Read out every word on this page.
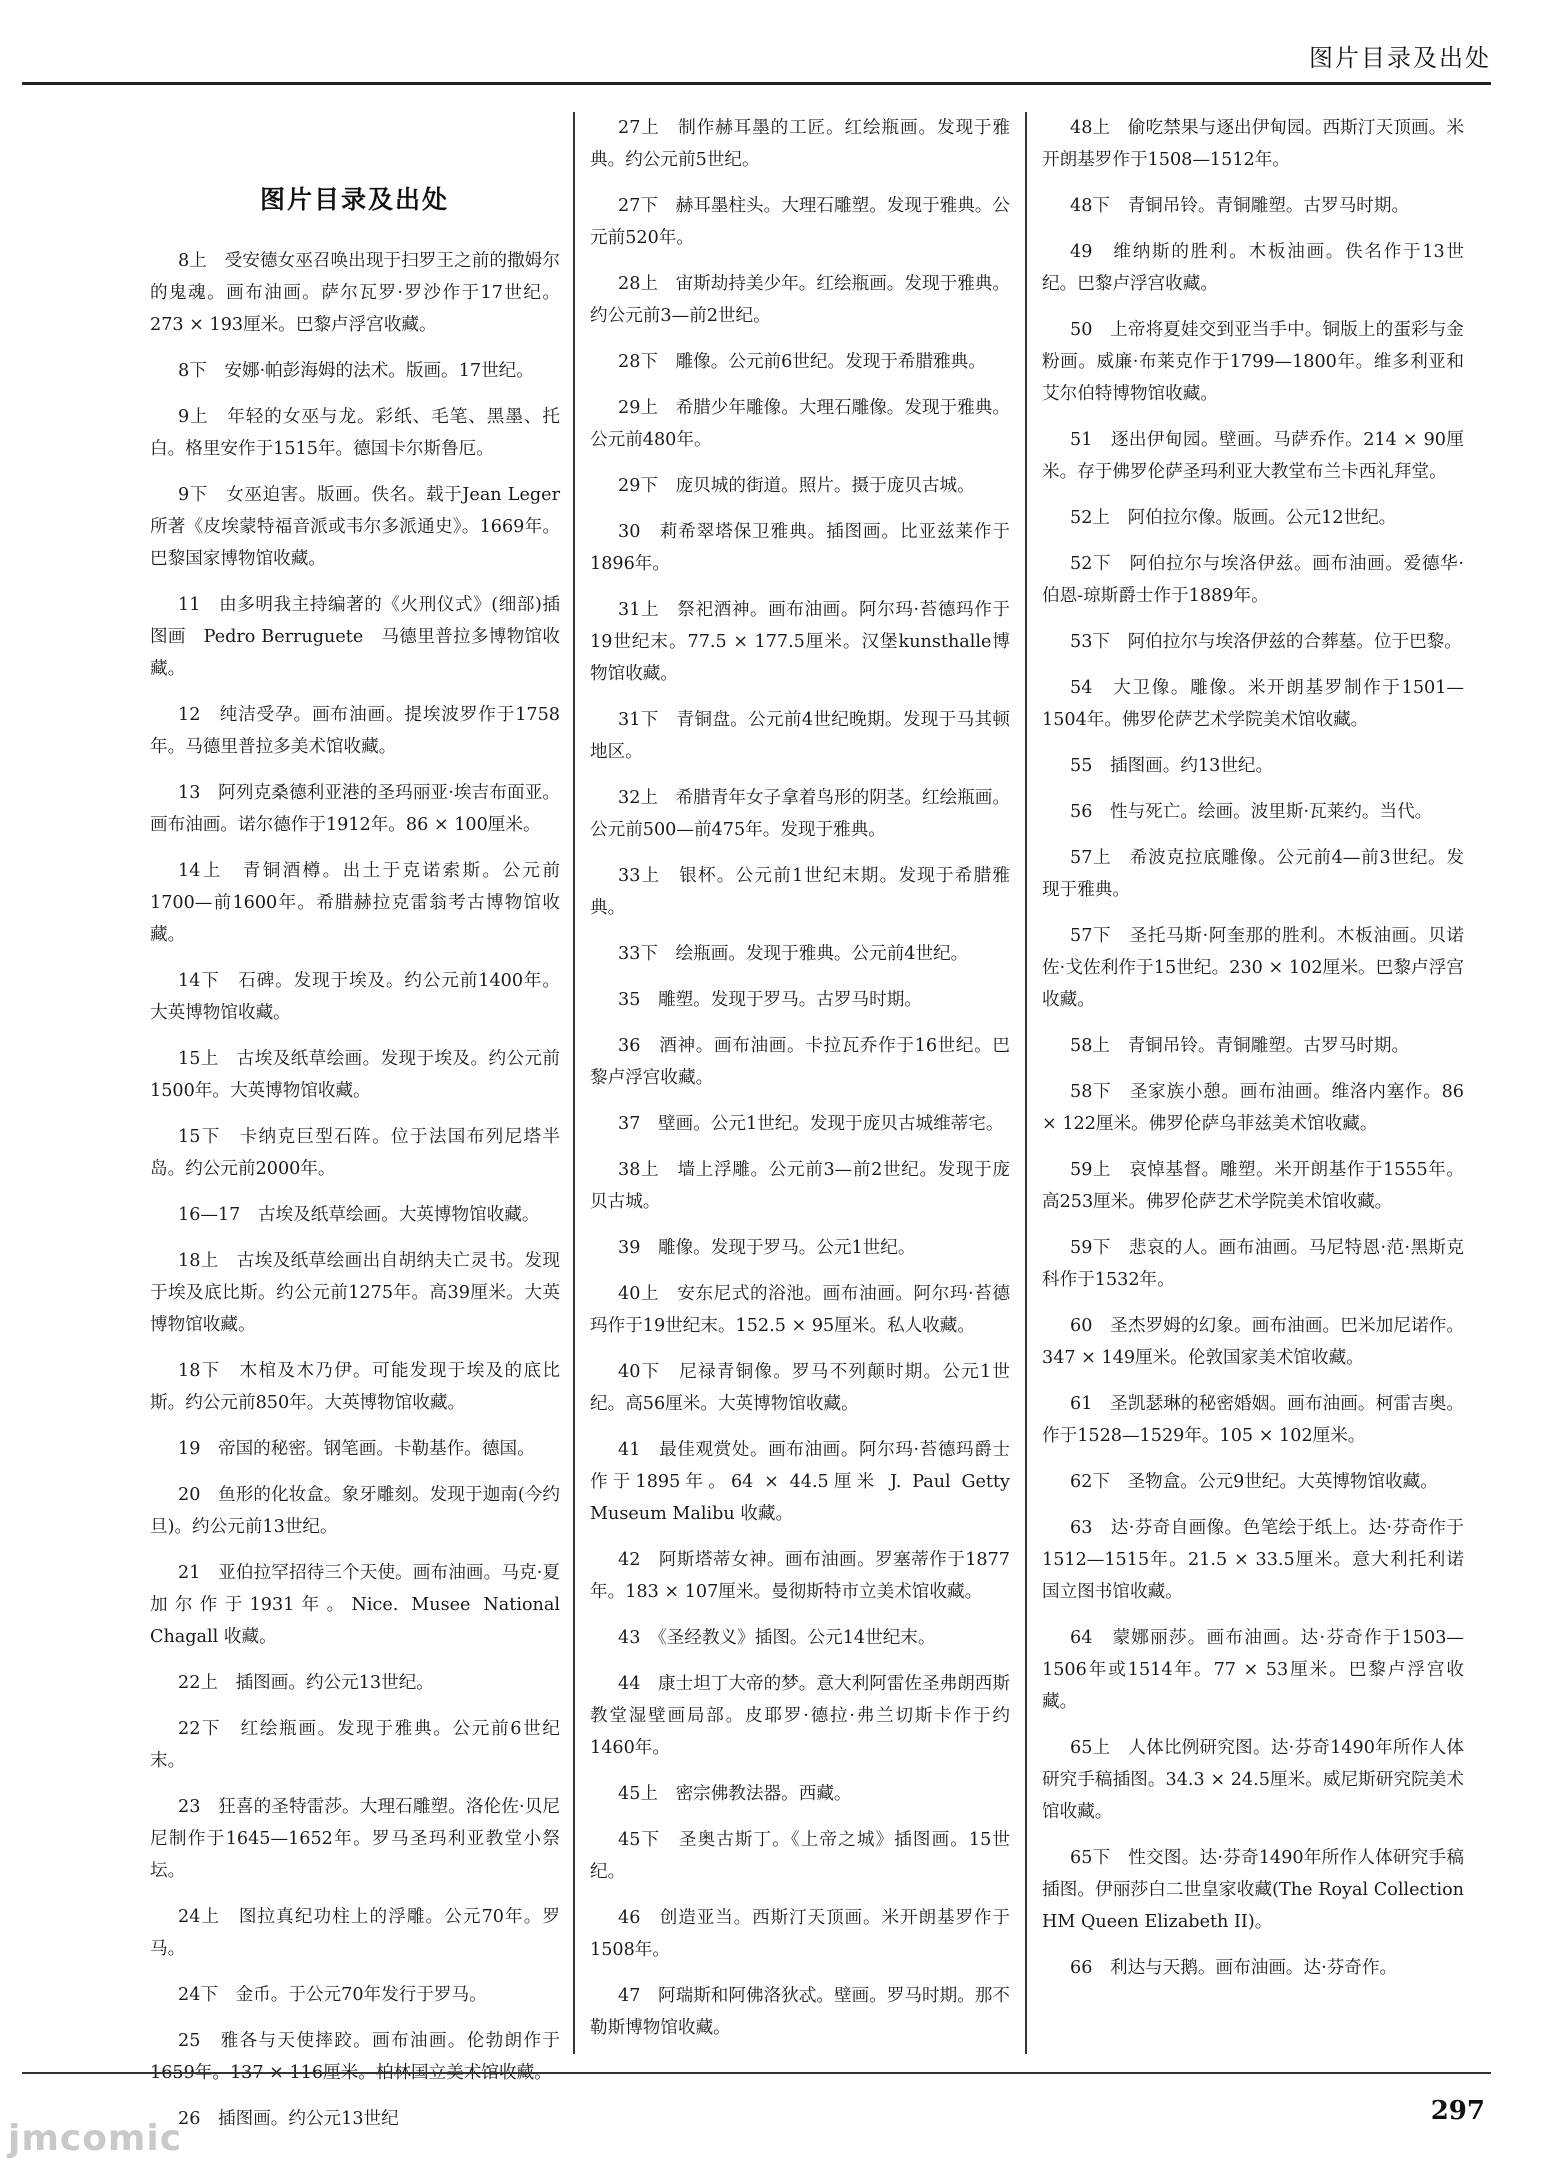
图片目录及出处
图片目录及出处

8上　受安德女巫召唤出现于扫罗王之前的撒姆尔的鬼魂。画布油画。萨尔瓦罗·罗沙作于17世纪。273 × 193厘米。巴黎卢浮宫收藏。

8下　安娜·帕彭海姆的法术。版画。17世纪。

9上　年轻的女巫与龙。彩纸、毛笔、黑墨、托白。格里安作于1515年。德国卡尔斯鲁厄。

9下　女巫迫害。版画。佚名。载于Jean Leger所著《皮埃蒙特福音派或韦尔多派通史》。1669年。巴黎国家博物馆收藏。

11　由多明我主持编著的《火刑仪式》(细部)插图画　Pedro Berruguete　马德里普拉多博物馆收藏。

12　纯洁受孕。画布油画。提埃波罗作于1758年。马德里普拉多美术馆收藏。

13　阿列克桑德利亚港的圣玛丽亚·埃吉布面亚。画布油画。诺尔德作于1912年。86 × 100厘米。

14上　青铜酒樽。出土于克诺索斯。公元前1700—前1600年。希腊赫拉克雷翁考古博物馆收藏。

14下　石碑。发现于埃及。约公元前1400年。大英博物馆收藏。

15上　古埃及纸草绘画。发现于埃及。约公元前1500年。大英博物馆收藏。

15下　卡纳克巨型石阵。位于法国布列尼塔半岛。约公元前2000年。

16—17　古埃及纸草绘画。大英博物馆收藏。

18上　古埃及纸草绘画出自胡纳夫亡灵书。发现于埃及底比斯。约公元前1275年。高39厘米。大英博物馆收藏。

18下　木棺及木乃伊。可能发现于埃及的底比斯。约公元前850年。大英博物馆收藏。

19　帝国的秘密。钢笔画。卡勒基作。德国。

20　鱼形的化妆盒。象牙雕刻。发现于迦南(今约旦)。约公元前13世纪。

21　亚伯拉罕招待三个天使。画布油画。马克·夏加尔作于1931年。Nice. Musee National Chagall 收藏。

22上　插图画。约公元13世纪。

22下　红绘瓶画。发现于雅典。公元前6世纪末。

23　狂喜的圣特雷莎。大理石雕塑。洛伦佐·贝尼尼制作于1645—1652年。罗马圣玛利亚教堂小祭坛。

24上　图拉真纪功柱上的浮雕。公元70年。罗马。

24下　金币。于公元70年发行于罗马。

25　雅各与天使摔跤。画布油画。伦勃朗作于1659年。137 × 116厘米。柏林国立美术馆收藏。

26　插图画。约公元13世纪

27上　制作赫耳墨的工匠。红绘瓶画。发现于雅典。约公元前5世纪。

27下　赫耳墨柱头。大理石雕塑。发现于雅典。公元前520年。

28上　宙斯劫持美少年。红绘瓶画。发现于雅典。约公元前3—前2世纪。

28下　雕像。公元前6世纪。发现于希腊雅典。

29上　希腊少年雕像。大理石雕像。发现于雅典。公元前480年。

29下　庞贝城的街道。照片。摄于庞贝古城。

30　莉希翠塔保卫雅典。插图画。比亚兹莱作于1896年。

31上　祭祀酒神。画布油画。阿尔玛·苔德玛作于19世纪末。77.5 × 177.5厘米。汉堡kunsthalle博物馆收藏。

31下　青铜盘。公元前4世纪晚期。发现于马其顿地区。

32上　希腊青年女子拿着鸟形的阴茎。红绘瓶画。公元前500—前475年。发现于雅典。

33上　银杯。公元前1世纪末期。发现于希腊雅典。

33下　绘瓶画。发现于雅典。公元前4世纪。

35　雕塑。发现于罗马。古罗马时期。

36　酒神。画布油画。卡拉瓦乔作于16世纪。巴黎卢浮宫收藏。

37　壁画。公元1世纪。发现于庞贝古城维蒂宅。

38上　墙上浮雕。公元前3—前2世纪。发现于庞贝古城。

39　雕像。发现于罗马。公元1世纪。

40上　安东尼式的浴池。画布油画。阿尔玛·苔德玛作于19世纪末。152.5 × 95厘米。私人收藏。

40下　尼禄青铜像。罗马不列颠时期。公元1世纪。高56厘米。大英博物馆收藏。

41　最佳观赏处。画布油画。阿尔玛·苔德玛爵士作于1895年。64 × 44.5厘米 J. Paul Getty Museum Malibu 收藏。

42　阿斯塔蒂女神。画布油画。罗塞蒂作于1877年。183 × 107厘米。曼彻斯特市立美术馆收藏。

43　《圣经教义》插图。公元14世纪末。

44　康士坦丁大帝的梦。意大利阿雷佐圣弗朗西斯教堂湿壁画局部。皮耶罗·德拉·弗兰切斯卡作于约1460年。

45上　密宗佛教法器。西藏。

45下　圣奥古斯丁。《上帝之城》插图画。15世纪。

46　创造亚当。西斯汀天顶画。米开朗基罗作于1508年。

47　阿瑞斯和阿佛洛狄忒。壁画。罗马时期。那不勒斯博物馆收藏。

48上　偷吃禁果与逐出伊甸园。西斯汀天顶画。米开朗基罗作于1508—1512年。

48下　青铜吊铃。青铜雕塑。古罗马时期。

49　维纳斯的胜利。木板油画。佚名作于13世纪。巴黎卢浮宫收藏。

50　上帝将夏娃交到亚当手中。铜版上的蛋彩与金粉画。威廉·布莱克作于1799—1800年。维多利亚和艾尔伯特博物馆收藏。

51　逐出伊甸园。壁画。马萨乔作。214 × 90厘米。存于佛罗伦萨圣玛利亚大教堂布兰卡西礼拜堂。

52上　阿伯拉尔像。版画。公元12世纪。

52下　阿伯拉尔与埃洛伊兹。画布油画。爱德华·伯恩-琼斯爵士作于1889年。

53下　阿伯拉尔与埃洛伊兹的合葬墓。位于巴黎。

54　大卫像。雕像。米开朗基罗制作于1501—1504年。佛罗伦萨艺术学院美术馆收藏。

55　插图画。约13世纪。

56　性与死亡。绘画。波里斯·瓦莱约。当代。

57上　希波克拉底雕像。公元前4—前3世纪。发现于雅典。

57下　圣托马斯·阿奎那的胜利。木板油画。贝诺佐·戈佐利作于15世纪。230 × 102厘米。巴黎卢浮宫收藏。

58上　青铜吊铃。青铜雕塑。古罗马时期。

58下　圣家族小憩。画布油画。维洛内塞作。86 × 122厘米。佛罗伦萨乌菲兹美术馆收藏。

59上　哀悼基督。雕塑。米开朗基作于1555年。高253厘米。佛罗伦萨艺术学院美术馆收藏。

59下　悲哀的人。画布油画。马尼特恩·范·黑斯克科作于1532年。

60　圣杰罗姆的幻象。画布油画。巴米加尼诺作。347 × 149厘米。伦敦国家美术馆收藏。

61　圣凯瑟琳的秘密婚姻。画布油画。柯雷吉奥。作于1528—1529年。105 × 102厘米。

62下　圣物盒。公元9世纪。大英博物馆收藏。

63　达·芬奇自画像。色笔绘于纸上。达·芬奇作于1512—1515年。21.5 × 33.5厘米。意大利托利诺国立图书馆收藏。

64　蒙娜丽莎。画布油画。达·芬奇作于1503—1506年或1514年。77 × 53厘米。巴黎卢浮宫收藏。

65上　人体比例研究图。达·芬奇1490年所作人体研究手稿插图。34.3 × 24.5厘米。威尼斯研究院美术馆收藏。

65下　性交图。达·芬奇1490年所作人体研究手稿插图。伊丽莎白二世皇家收藏(The Royal Collection HM Queen Elizabeth II)。

66　利达与天鹅。画布油画。达·芬奇作。

297
jmcomic
